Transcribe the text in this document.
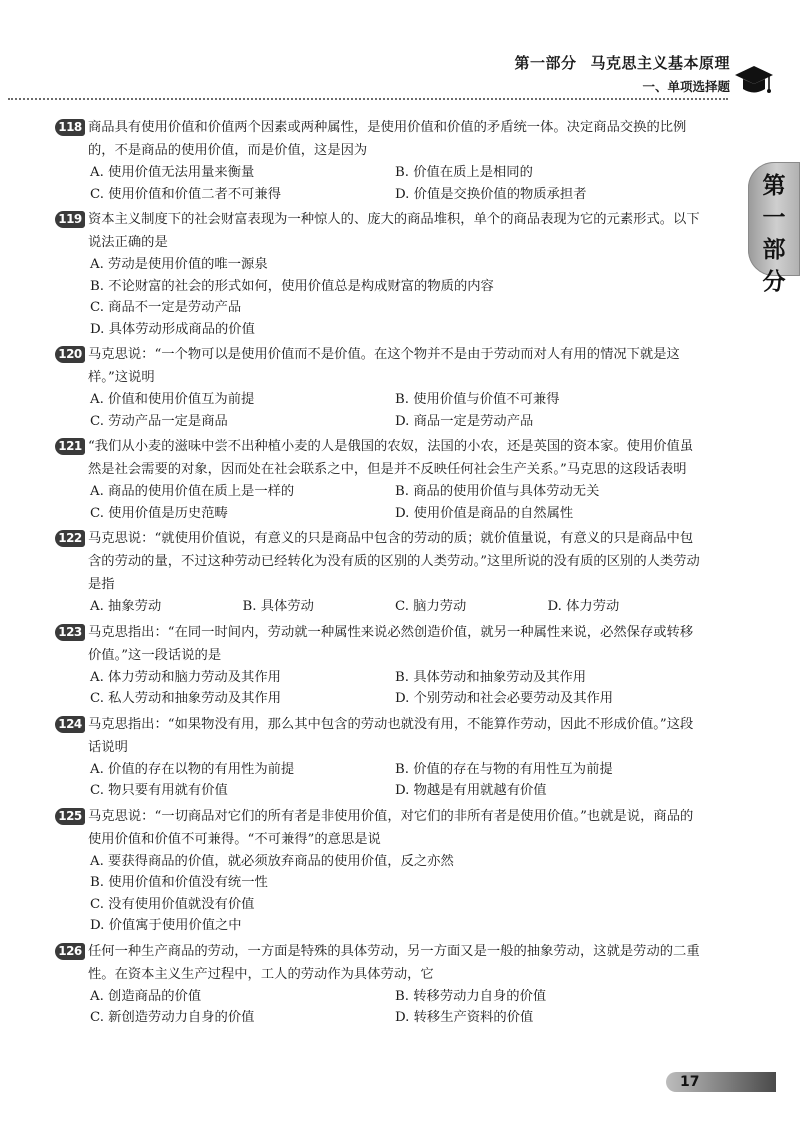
第一部分 马克思主义基本原理
一、单项选择题
第
一
部
分

118 商品具有使用价值和价值两个因素或两种属性，是使用价值和价值的矛盾统一体。决定商品交换的比例的，不是商品的使用价值，而是价值，这是因为

A. 使用价值无法用量来衡量	B. 价值在质上是相同的
C. 使用价值和价值二者不可兼得	D. 价值是交换价值的物质承担者

119 资本主义制度下的社会财富表现为一种惊人的、庞大的商品堆积，单个的商品表现为它的元素形式。以下说法正确的是

A. 劳动是使用价值的唯一源泉
B. 不论财富的社会的形式如何，使用价值总是构成财富的物质的内容
C. 商品不一定是劳动产品
D. 具体劳动形成商品的价值

120 马克思说：“一个物可以是使用价值而不是价值。在这个物并不是由于劳动而对人有用的情况下就是这样。”这说明

A. 价值和使用价值互为前提	B. 使用价值与价值不可兼得
C. 劳动产品一定是商品	D. 商品一定是劳动产品

121 “我们从小麦的滋味中尝不出种植小麦的人是俄国的农奴，法国的小农，还是英国的资本家。使用价值虽然是社会需要的对象，因而处在社会联系之中，但是并不反映任何社会生产关系。”马克思的这段话表明

A. 商品的使用价值在质上是一样的	B. 商品的使用价值与具体劳动无关
C. 使用价值是历史范畴	D. 使用价值是商品的自然属性

122 马克思说：“就使用价值说，有意义的只是商品中包含的劳动的质；就价值量说，有意义的只是商品中包含的劳动的量，不过这种劳动已经转化为没有质的区别的人类劳动。”这里所说的没有质的区别的人类劳动是指

A. 抽象劳动	B. 具体劳动	C. 脑力劳动	D. 体力劳动

123 马克思指出：“在同一时间内，劳动就一种属性来说必然创造价值，就另一种属性来说，必然保存或转移价值。”这一段话说的是

A. 体力劳动和脑力劳动及其作用	B. 具体劳动和抽象劳动及其作用
C. 私人劳动和抽象劳动及其作用	D. 个别劳动和社会必要劳动及其作用

124 马克思指出：“如果物没有用，那么其中包含的劳动也就没有用，不能算作劳动，因此不形成价值。”这段话说明

A. 价值的存在以物的有用性为前提	B. 价值的存在与物的有用性互为前提
C. 物只要有用就有价值	D. 物越是有用就越有价值

125 马克思说：“一切商品对它们的所有者是非使用价值，对它们的非所有者是使用价值。”也就是说，商品的使用价值和价值不可兼得。“不可兼得”的意思是说

A. 要获得商品的价值，就必须放弃商品的使用价值，反之亦然
B. 使用价值和价值没有统一性
C. 没有使用价值就没有价值
D. 价值寓于使用价值之中

126 任何一种生产商品的劳动，一方面是特殊的具体劳动，另一方面又是一般的抽象劳动，这就是劳动的二重性。在资本主义生产过程中，工人的劳动作为具体劳动，它

A. 创造商品的价值	B. 转移劳动力自身的价值
C. 新创造劳动力自身的价值	D. 转移生产资料的价值
17
